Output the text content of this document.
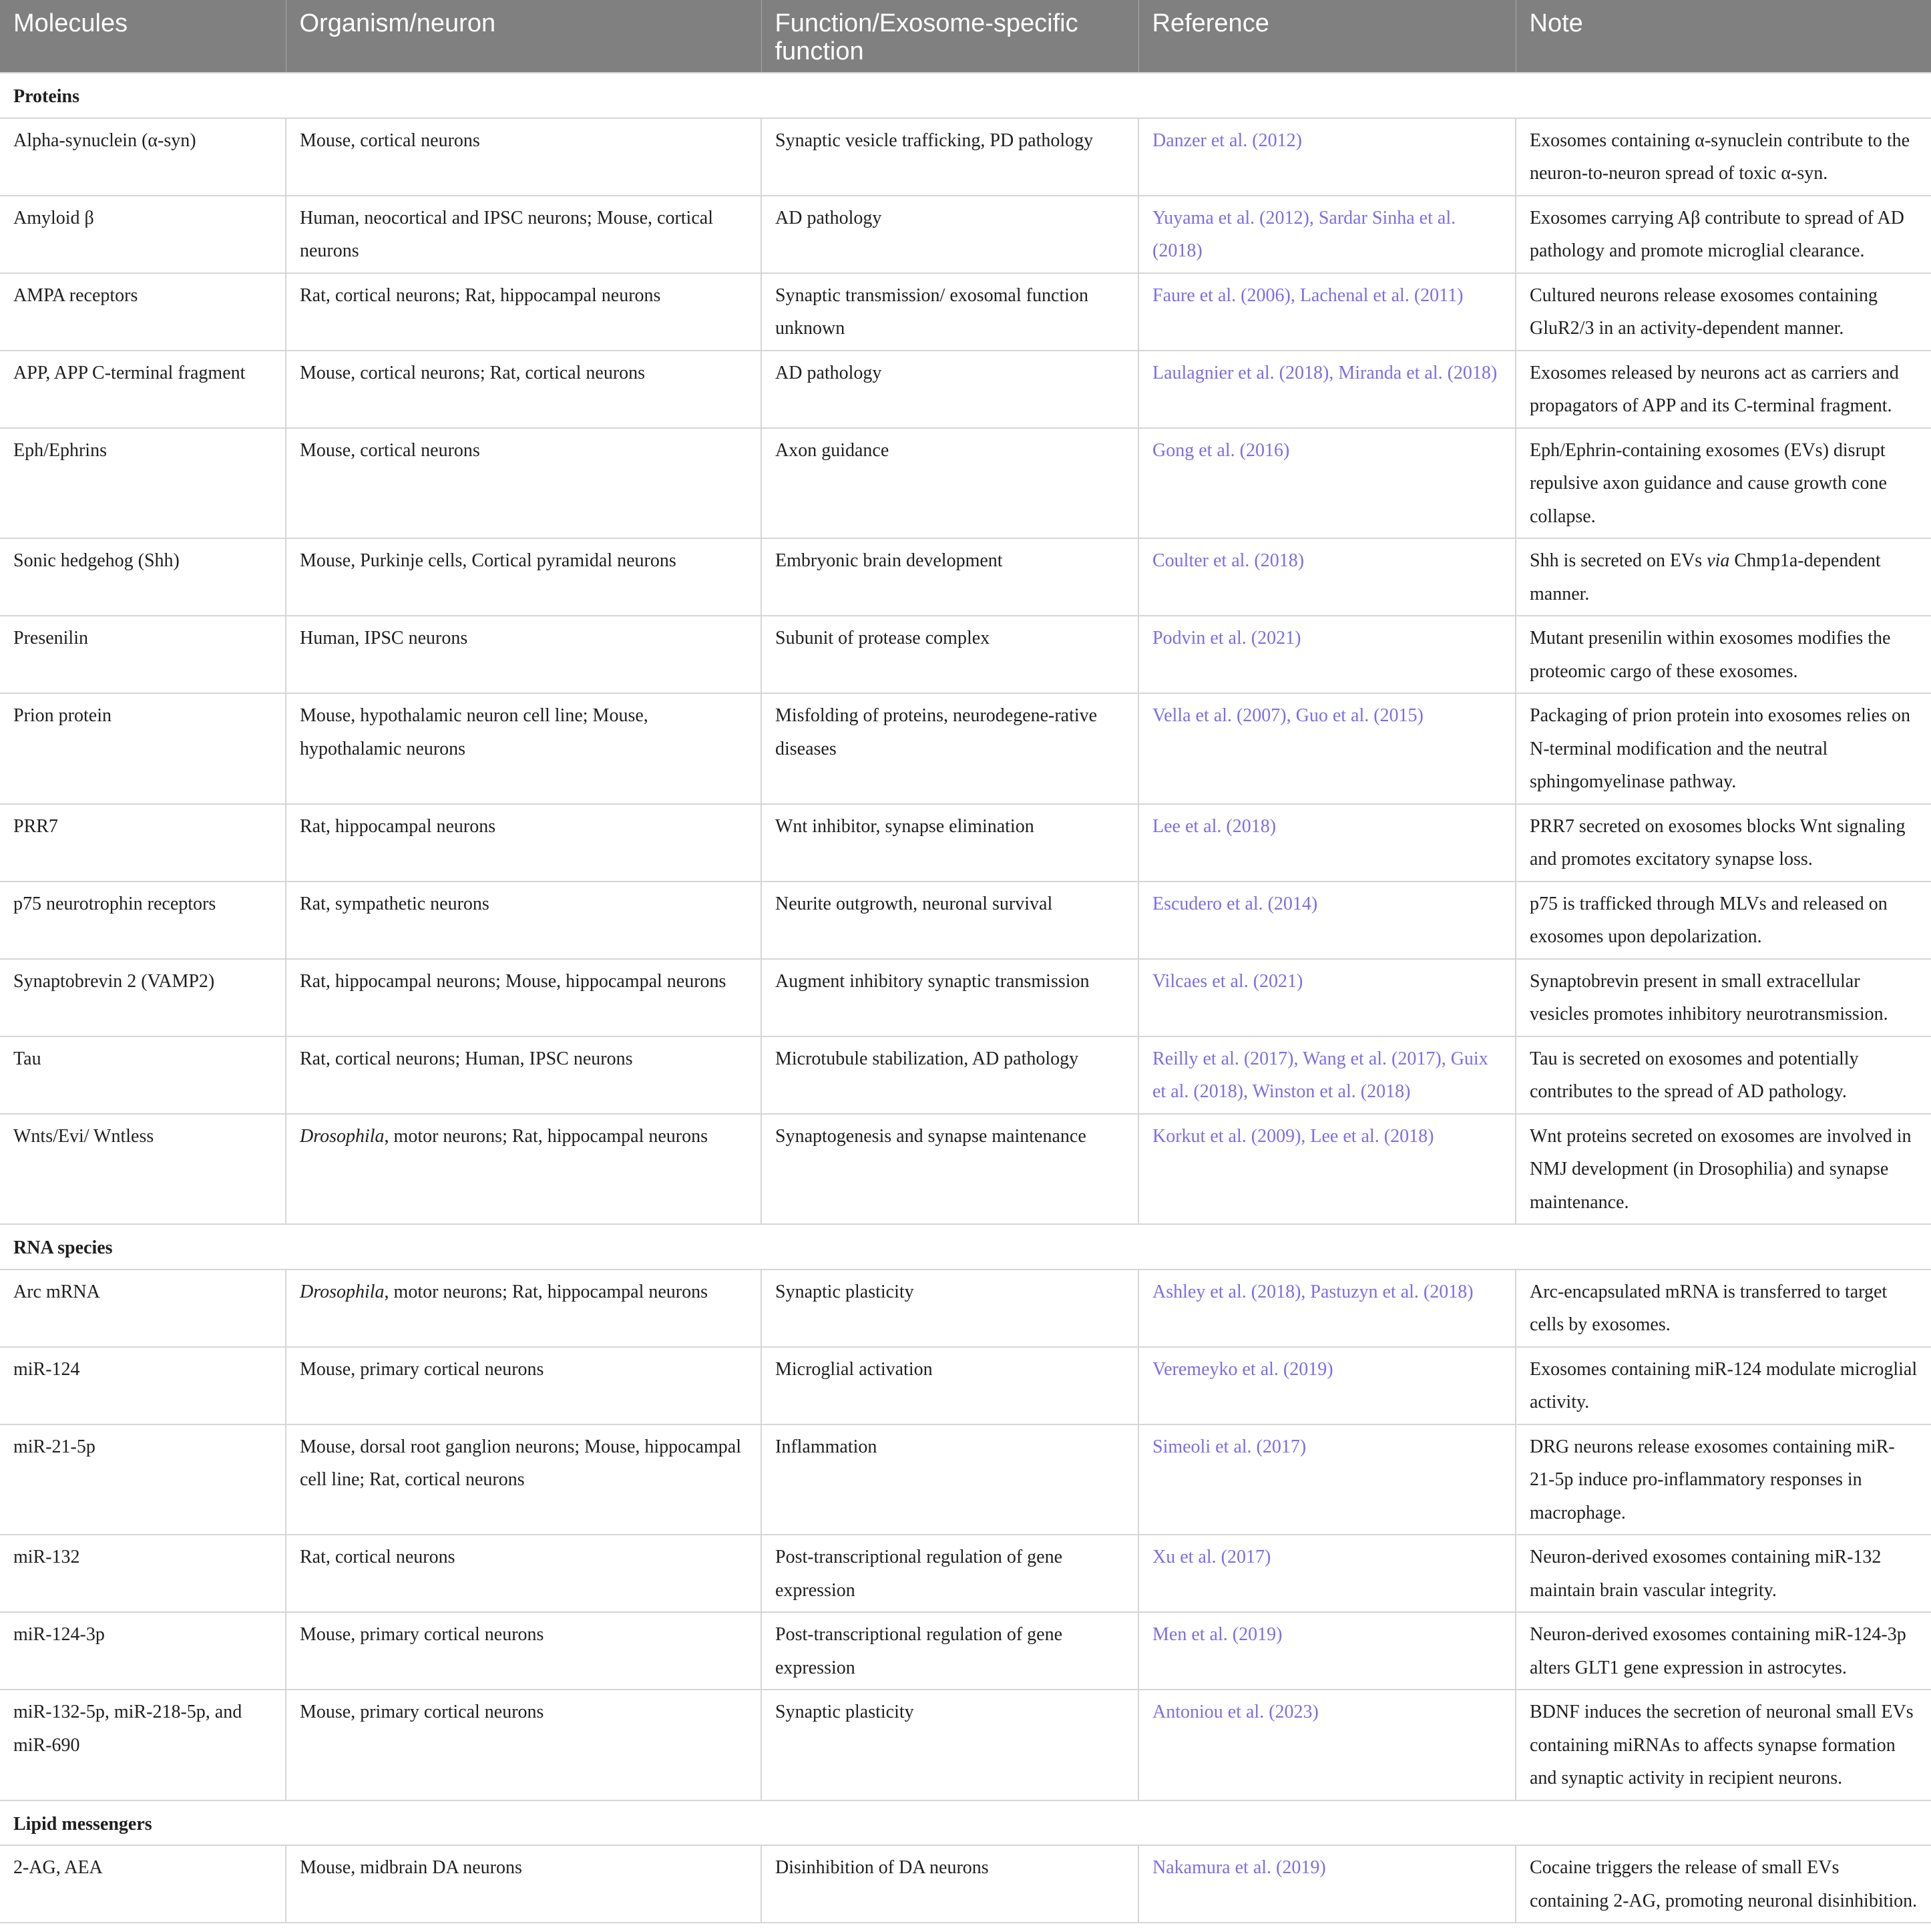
Molecules	Organism/neuron	Function/Exosome-specific function	Reference	Note
Proteins				
Alpha-synuclein (α-syn)	Mouse, cortical neurons	Synaptic vesicle trafficking, PD pathology	Danzer et al. (2012)	Exosomes containing α-synuclein contribute to the neuron-to-neuron spread of toxic α-syn.
Amyloid β	Human, neocortical and IPSC neurons; Mouse, cortical neurons	AD pathology	Yuyama et al. (2012), Sardar Sinha et al. (2018)	Exosomes carrying Aβ contribute to spread of AD pathology and promote microglial clearance.
AMPA receptors	Rat, cortical neurons; Rat, hippocampal neurons	Synaptic transmission/ exosomal function unknown	Faure et al. (2006), Lachenal et al. (2011)	Cultured neurons release exosomes containing GluR2/3 in an activity-dependent manner.
APP, APP C-terminal fragment	Mouse, cortical neurons; Rat, cortical neurons	AD pathology	Laulagnier et al. (2018), Miranda et al. (2018)	Exosomes released by neurons act as carriers and propagators of APP and its C-terminal fragment.
Eph/Ephrins	Mouse, cortical neurons	Axon guidance	Gong et al. (2016)	Eph/Ephrin-containing exosomes (EVs) disrupt repulsive axon guidance and cause growth cone collapse.
Sonic hedgehog (Shh)	Mouse, Purkinje cells, Cortical pyramidal neurons	Embryonic brain development	Coulter et al. (2018)	Shh is secreted on EVs via Chmp1a-dependent manner.
Presenilin	Human, IPSC neurons	Subunit of protease complex	Podvin et al. (2021)	Mutant presenilin within exosomes modifies the proteomic cargo of these exosomes.
Prion protein	Mouse, hypothalamic neuron cell line; Mouse, hypothalamic neurons	Misfolding of proteins, neurodegene-rative diseases	Vella et al. (2007), Guo et al. (2015)	Packaging of prion protein into exosomes relies on N-terminal modification and the neutral sphingomyelinase pathway.
PRR7	Rat, hippocampal neurons	Wnt inhibitor, synapse elimination	Lee et al. (2018)	PRR7 secreted on exosomes blocks Wnt signaling and promotes excitatory synapse loss.
p75 neurotrophin receptors	Rat, sympathetic neurons	Neurite outgrowth, neuronal survival	Escudero et al. (2014)	p75 is trafficked through MLVs and released on exosomes upon depolarization.
Synaptobrevin 2 (VAMP2)	Rat, hippocampal neurons; Mouse, hippocampal neurons	Augment inhibitory synaptic transmission	Vilcaes et al. (2021)	Synaptobrevin present in small extracellular vesicles promotes inhibitory neurotransmission.
Tau	Rat, cortical neurons; Human, IPSC neurons	Microtubule stabilization, AD pathology	Reilly et al. (2017), Wang et al. (2017), Guix et al. (2018), Winston et al. (2018)	Tau is secreted on exosomes and potentially contributes to the spread of AD pathology.
Wnts/Evi/ Wntless	Drosophila, motor neurons; Rat, hippocampal neurons	Synaptogenesis and synapse maintenance	Korkut et al. (2009), Lee et al. (2018)	Wnt proteins secreted on exosomes are involved in NMJ development (in Drosophilia) and synapse maintenance.
RNA species				
Arc mRNA	Drosophila, motor neurons; Rat, hippocampal neurons	Synaptic plasticity	Ashley et al. (2018), Pastuzyn et al. (2018)	Arc-encapsulated mRNA is transferred to target cells by exosomes.
miR-124	Mouse, primary cortical neurons	Microglial activation	Veremeyko et al. (2019)	Exosomes containing miR-124 modulate microglial activity.
miR-21-5p	Mouse, dorsal root ganglion neurons; Mouse, hippocampal cell line; Rat, cortical neurons	Inflammation	Simeoli et al. (2017)	DRG neurons release exosomes containing miR-21-5p induce pro-inflammatory responses in macrophage.
miR-132	Rat, cortical neurons	Post-transcriptional regulation of gene expression	Xu et al. (2017)	Neuron-derived exosomes containing miR-132 maintain brain vascular integrity.
miR-124-3p	Mouse, primary cortical neurons	Post-transcriptional regulation of gene expression	Men et al. (2019)	Neuron-derived exosomes containing miR-124-3p alters GLT1 gene expression in astrocytes.
miR-132-5p, miR-218-5p, and miR-690	Mouse, primary cortical neurons	Synaptic plasticity	Antoniou et al. (2023)	BDNF induces the secretion of neuronal small EVs containing miRNAs to affects synapse formation and synaptic activity in recipient neurons.
Lipid messengers				
2-AG, AEA	Mouse, midbrain DA neurons	Disinhibition of DA neurons	Nakamura et al. (2019)	Cocaine triggers the release of small EVs containing 2-AG, promoting neuronal disinhibition.
